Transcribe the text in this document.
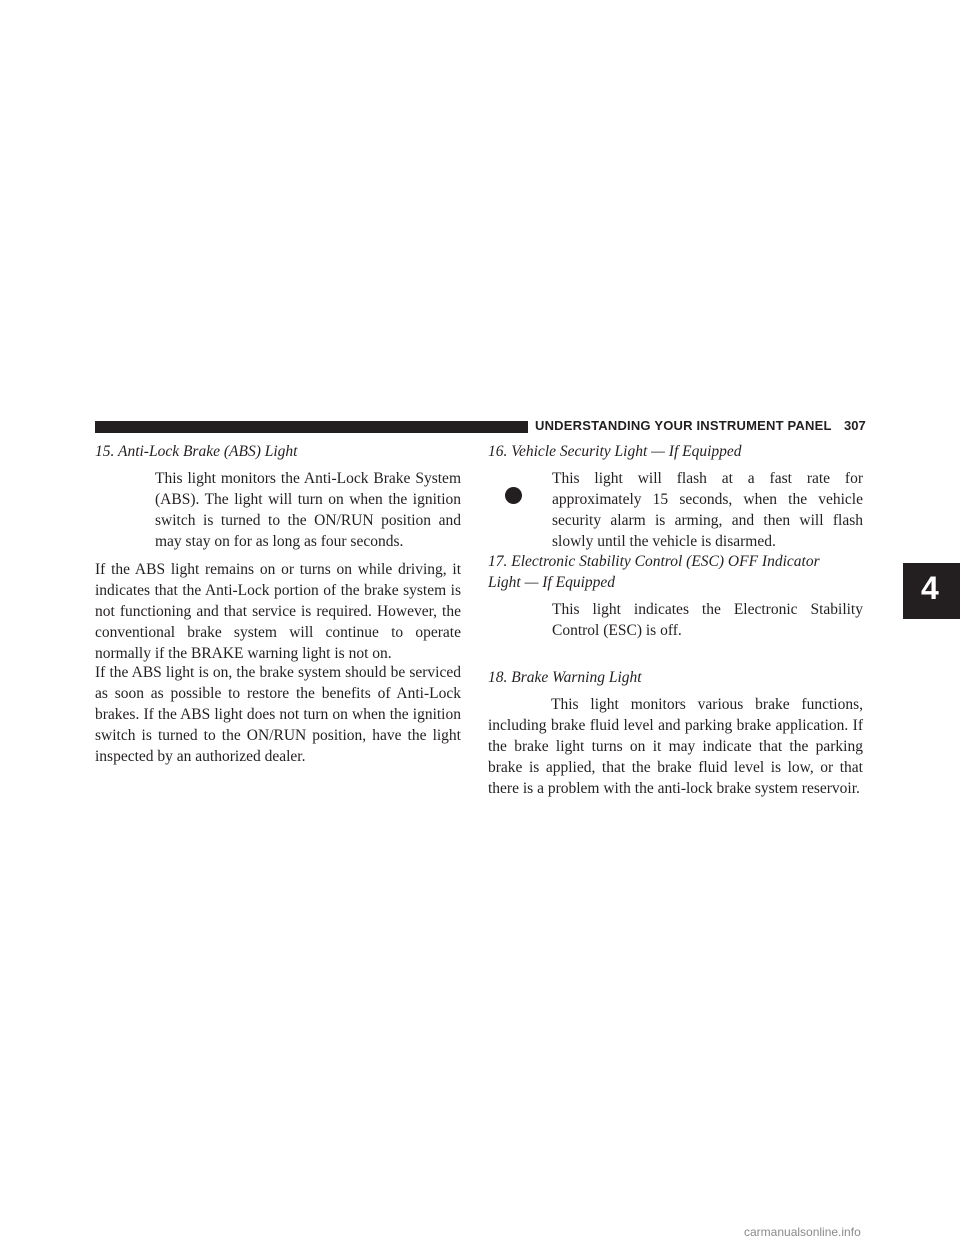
UNDERSTANDING YOUR INSTRUMENT PANEL 307
4
15. Anti-Lock Brake (ABS) Light

This light monitors the Anti-Lock Brake System (ABS). The light will turn on when the ignition switch is turned to the ON/RUN position and may stay on for as long as four seconds.

If the ABS light remains on or turns on while driving, it indicates that the Anti-Lock portion of the brake system is not functioning and that service is required. However, the conventional brake system will continue to operate normally if the BRAKE warning light is not on.

If the ABS light is on, the brake system should be serviced as soon as possible to restore the benefits of Anti-Lock brakes. If the ABS light does not turn on when the ignition switch is turned to the ON/RUN position, have the light inspected by an authorized dealer.

16. Vehicle Security Light — If Equipped

This light will flash at a fast rate for approximately 15 seconds, when the vehicle security alarm is arming, and then will flash slowly until the vehicle is disarmed.

17. Electronic Stability Control (ESC) OFF Indicator
Light — If Equipped

This light indicates the Electronic Stability Control (ESC) is off.

18. Brake Warning Light

This light monitors various brake functions, including brake fluid level and parking brake application. If the brake light turns on it may indicate that the parking brake is applied, that the brake fluid level is low, or that there is a problem with the anti-lock brake system reservoir.

carmanualsonline.info
